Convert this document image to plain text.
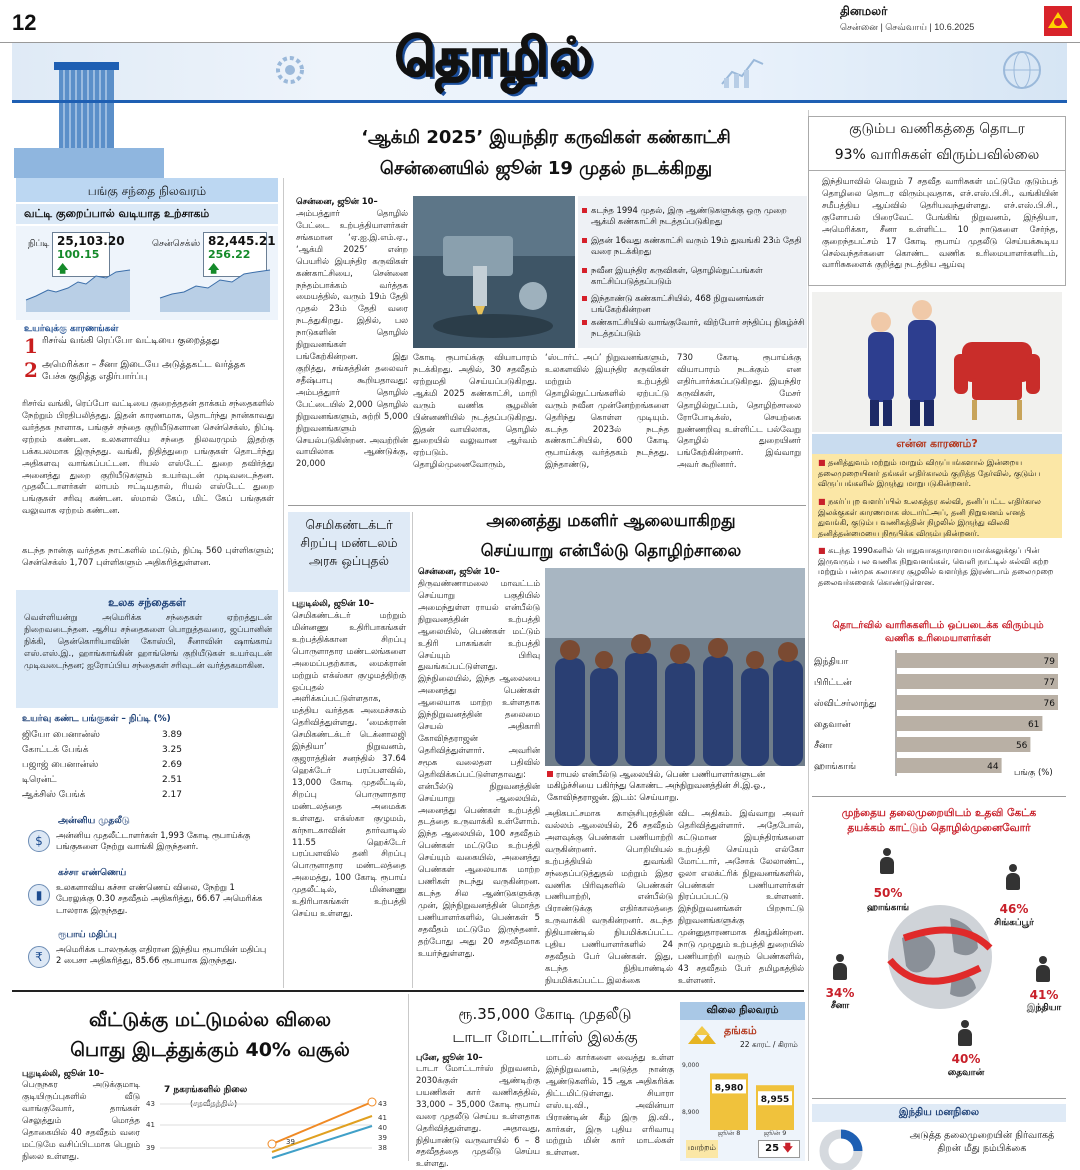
12	தினமலர்
சென்னை | செவ்வாய் | 10.6.2025
தொழில்
பங்கு சந்தை நிலவரம்
வட்டி குறைப்பால் வடியாத உற்சாகம்
நிப்டி 25,103.20
100.15 🡅
சென்செக்ஸ் 82,445.21
256.22 🡅
உயர்வுக்கு காரணங்கள்
1 ரிசர்வ் வங்கி ரெப்போ வட்டியை குறைத்தது
2 அமெரிக்கா – சீனா இடையே அடுத்தகட்ட வர்த்தக பேச்சு குறித்த எதிர்பார்ப்பு
ரிசர்வ் வங்கி, ரெப்போ வட்டியை குறைத்ததன் தாக்கம் சந்தைகளில் நேற்றும் பிரதிபலித்தது. இதன் காரணமாக, தொடர்ந்து நான்காவது வர்த்தக நாளாக, பங்குச் சந்தை குறியீடுகளான சென்செக்ஸ், நிப்டி ஏற்றம் கண்டன. உலகளாவிய சந்தை நிலவரமும் இதற்கு பக்கபலமாக இருந்தது. வங்கி, நிதித்துறை பங்குகள் தொடர்ந்து அதிகளவு வாங்கப்பட்டன. ரியல் எஸ்டேட் துறை தவிர்த்து அனைத்து துறை குறியீடுகளும் உயர்வுடன் முடிவடைந்தன. முதலீட்டாளர்கள் லாபம் ஈட்டியதால், ரியல் எஸ்டேட் துறை பங்குகள் சரிவு கண்டன. ஸ்மால் கேப், மிட் கேப் பங்குகள் வலுவாக ஏற்றம் கண்டன.
கடந்த நான்கு வர்த்தக நாட்களில் மட்டும், நிப்டி 560 புள்ளிகளும்; சென்செக்ஸ் 1,707 புள்ளிகளும் அதிகரித்துள்ளன.
உலக சந்தைகள்
வெள்ளியன்று அமெரிக்க சந்தைகள் ஏற்றத்துடன் நிறைவடைந்தன. ஆசிய சந்தைகளை பொறுத்தவரை, ஜப்பானின் நிக்கி, தென்கொரியாவின் கோஸ்பி, சீனாவின் ஷாங்காய் எஸ்.எஸ்.இ., ஹாங்காங்கின் ஹாங்செங் குறியீடுகள் உயர்வுடன் முடிவடைந்தன; ஐரோப்பிய சந்தைகள் சரிவுடன் வர்த்தகமாகின.
உயர்வு கண்ட பங்குகள் – நிப்டி (%)
ஜியோ பைனான்ஸ்	3.89
கோட்டக் பேங்க்	3.25
பஜாஜ் பைனான்ஸ்	2.69
டிரென்ட்	2.51
ஆக்சிஸ் பேங்க்	2.17
அன்னிய முதலீடு
$	அன்னிய முதலீட்டாளர்கள் 1,993 கோடி ரூபாய்க்கு பங்குகளை நேற்று வாங்கி இருந்தனர்.
கச்சா எண்ணெய்
▮
உலகளாவிய கச்சா எண்ணெய் விலை, நேற்று 1 பேரலுக்கு 0.30 சதவீதம் அதிகரித்து, 66.67 அமெரிக்க டாலராக இருந்தது.
ரூபாய் மதிப்பு
₹
அமெரிக்க டாலருக்கு எதிரான இந்திய ரூபாயின் மதிப்பு 2 பைசா அதிகரித்து, 85.66 ரூபாயாக இருந்தது.
‘ஆக்மி 2025’ இயந்திர கருவிகள் கண்காட்சி
சென்னையில் ஜூன் 19 முதல் நடக்கிறது
சென்னை, ஜூன் 10–
அம்பத்துார் தொழில் பேட்டை உற்பத்தியாளர்கள் சங்கமான ‘ஏ.ஐ.இ.எம்.ஏ., ‘ஆக்மி 2025’ என்ற பெயரில் இயந்திர கருவிகள் கண்காட்சியை, சென்னை நந்தம்பாக்கம் வர்த்தக மையத்தில், வரும் 19ம் தேதி முதல் 23ம் தேதி வரை நடத்துகிறது. இதில், பல நாடுகளின் தொழில் நிறுவனங்கள் பங்கேற்கின்றன. இது குறித்து, சங்கத்தின் தலைவர் சதீஷ்பாபு கூறியதாவது: அம்பத்துார் தொழில் பேட்டையில் 2,000 தொழில் நிறுவனங்களும், சுற்றி 5,000 நிறுவனங்களும் செயல்படுகின்றன. அவற்றின் வாயிலாக ஆண்டுக்கு, 20,000
கடந்த 1994 முதல், இரு ஆண்டுகளுக்கு ஒரு முறை ஆக்மி கண்காட்சி நடத்தப்படுகிறது
இதன் 16வது கண்காட்சி வரும் 19ம் துவங்கி 23ம் தேதி வரை நடக்கிறது
நவீன இயந்திர கருவிகள், தொழில்நுட்பங்கள் காட்சிப்படுத்தப்படும்
இந்தாண்டு கண்காட்சியில், 468 நிறுவனங்கள் பங்கேற்கின்றன
கண்காட்சியில் வாங்குவோர், விற்போர் சந்திப்பு நிகழ்ச்சி நடத்தப்படும்
கோடி ரூபாய்க்கு வியாபாரம் நடக்கிறது. அதில், 30 சதவீதம் ஏற்றுமதி செய்யப்படுகிறது. ஆக்மி 2025 கண்காட்சி, மாறி வரும் வணிக சூழலின் பின்னணியில் நடத்தப்படுகிறது. இதன் வாயிலாக, தொழில் துறையில் வலுவான ஆர்வம் ஏற்படும். தொழில்முனைவோரும்,
‘ஸ்டார்ட் அப்’ நிறுவனங்களும், உலகளவில் இயந்திர கருவிகள் மற்றும் உற்பத்தி தொழில்நுட்பங்களில் ஏற்பட்டு வரும் நவீன முன்னேற்றங்களை தெரிந்து கொள்ள முடியும். கடந்த 2023ல் நடந்த கண்காட்சியில், 600 கோடி ரூபாய்க்கு வர்த்தகம் நடந்தது. இந்தாண்டு,
730 கோடி ரூபாய்க்கு வியாபாரம் நடக்கும் என எதிர்பார்க்கப்படுகிறது. இயந்திர கருவிகள், மேசர் தொழில்நுட்பம், தொழிற்சாலை ரோபோடிக்ஸ், செயற்கை நுண்ணறிவு உள்ளிட்ட பல்வேறு தொழில் துறையினர் பங்கேற்கின்றனர். இவ்வாறு அவர் கூறினார்.
செமிகண்டக்டர் சிறப்பு மண்டலம் அரசு ஒப்புதல்
புதுடில்லி, ஜூன் 10–
செமிகண்டக்டர் மற்றும் மின்னணு உதிரிபாகங்கள் உற்பத்திக்கான சிறப்பு பொருளாதார மண்டலங்களை அமைப்பதற்காக, மைக்ரான் மற்றும் எக்ஸ்கா குழுமத்திற்கு ஒப்புதல் அளிக்கப்பட்டுள்ளதாக, மத்திய வர்த்தக அமைச்சகம் தெரிவித்துள்ளது. ‘மைக்ரான் செமிகண்டக்டர் டெக்னாலஜி இந்தியா’ நிறுவனம், குஜராத்தின் சனந்தில் 37.64 ஹெக்டேர் பரப்பளவில், 13,000 கோடி முதலீட்டில், சிறப்பு பொருளாதார மண்டலத்தை அமைக்க உள்ளது. எக்ஸ்கா குழுமம், கர்நாடகாவின் தார்வாடில் 11.55 ஹெக்டேர் பரப்பளவில் தனி சிறப்பு பொருளாதார மண்டலத்தை அமைத்து, 100 கோடி ரூபாய் முதலீட்டில், மின்னணு உதிரிபாகங்கள் உற்பத்தி செய்ய உள்ளது.
அனைத்து மகளிர் ஆலையாகிறது
செய்யாறு என்பீல்டு தொழிற்சாலை
சென்னை, ஜூன் 10–
திருவண்ணாமலை மாவட்டம் செய்யாறு பகுதியில் அமைந்துள்ள ராயல் என்பீல்டு நிறுவனத்தின் உற்பத்தி ஆலையில், பெண்கள் மட்டும் உதிரி பாகங்கள் உற்பத்தி செய்யும் பிரிவு துவங்கப்பட்டுள்ளது. இந்நிலையில், இந்த ஆலையை அனைத்து பெண்கள் ஆலையாக மாற்ற உள்ளதாக இந்நிறுவனத்தின் தலைமை செயல் அதிகாரி கோவிந்தராஜன் தெரிவித்துள்ளார். அவரின் சமூக வலைதள பதிவில் தெரிவிக்கப்பட்டுள்ளதாவது: என்பீல்டு நிறுவனத்தின் செய்யாறு ஆலையில், அனைத்து பெண்கள் உற்பத்தி தடத்தை உருவாக்கி உள்ளோம். இந்த ஆலையில், 100 சதவீதம் பெண்கள் மட்டுமே உற்பத்தி செய்யும் வகையில், அனைத்து பெண்கள் ஆலையாக மாற்ற பணிகள் நடந்து வருகின்றன. கடந்த சில ஆண்டுகளுக்கு முன், இந்நிறுவனத்தின் மொத்த பணியாளர்களில், பெண்கள் 5 சதவீதம் மட்டுமே இருந்தனர். தற்போது அது 20 சதவீதமாக உயர்ந்துள்ளது.
ராயல் என்பீல்டு ஆலையில், பெண் பணியாளர்களுடன் மகிழ்ச்சியை பகிர்ந்து கொண்ட அந்நிறுவனத்தின் சி.இ.ஓ., கோவிந்தராஜன். இடம்: செய்யாறு.
அதிகபட்சமாக காஞ்சிபுரத்தின் வல்லம் ஆலையில், 26 சதவீதம் அளவுக்கு பெண்கள் பணியாற்றி வருகின்றனர். பொறியியல் உற்பத்தியில் துவங்கி சந்தைப்படுத்துதல் மற்றும் இதர வணிக பிரிவுகளில் பெண்கள் பணியாற்றி, என்பீல்டு பிராண்டுக்கு எதிர்காலத்தை உருவாக்கி வருகின்றனர். கடந்த நிதியாண்டில் நியமிக்கப்பட்ட புதிய பணியாளர்களில் 24 சதவீதம் பேர் பெண்கள். இது, கடந்த நிதியாண்டில் நியமிக்கப்பட்ட இலக்கை
விட அதிகம். இவ்வாறு அவர் தெரிவித்துள்ளார். அதேபோல், கட்டுமான இயந்திரங்களை உற்பத்தி செய்யும் எல்கோ மோட்டார், அசோக் லேலாண்ட், ஓலா எலக்ட்ரிக் நிறுவனங்களில், பெண்கள் பணியாளர்கள் நிரப்பப்பட்டு உள்ளனர். இந்நிறுவனங்கள் பிறநாட்டு நிறுவனங்களுக்கு முன்னுதாரணமாக திகழ்கின்றன. நாடு முழுதும் உற்பத்தி துறையில் பணியாற்றி வரும் பெண்களில், 43 சதவீதம் பேர் தமிழகத்தில் உள்ளனர்.
குடும்ப வணிகத்தை தொடர
93% வாரிசுகள் விரும்பவில்லை
இந்தியாவில் வெறும் 7 சதவீத வாரிசுகள் மட்டுமே குடும்பத் தொழிலை தொடர விரும்புவதாக, எச்.எஸ்.பி.சி., வங்கியின் சமீபத்திய ஆய்வில் தெரியவந்துள்ளது. எச்.எஸ்.பி.சி., குளோபல் பிரைவேட் பேங்கிங் நிறுவனம், இந்தியா, அமெரிக்கா, சீனா உள்ளிட்ட 10 நாடுகளை சேர்ந்த, குறைந்தபட்சம் 17 கோடி ரூபாய் முதலீடு செய்யக்கூடிய செல்வந்தர்களை கொண்ட வணிக உரிமையாளர்களிடம், வாரிசுகளைக் குறித்து நடத்திய ஆய்வு
என்ன காரணம்?
■ தனித்துவம் மற்றும் மாறும் விருப்பங்களால் இன்றைய தலைமுறையினர் தங்கள் எதிர்காலம் குறித்த தேர்வில், குடும்ப விருப்பங்களில் இருந்து மாறுபடுகின்றனர்.
■ நகர்ப்புற வளர்ப்பில் உலகத்தர கல்வி, தனிப்பட்ட எதிர்கால இலக்குகள் காரணமாக ஸ்டார்ட்அப், தனி நிறுவனம் எனத் துவங்கி, குடும்ப வணிகத்தின் நிழலில் இருந்து விலகி தனித்தன்மையை நிரூபிக்க விரும்புகின்றனர்.
■ கடந்த 1990களில் பொதுவாகதாராளமயமாக்கலுக்குப் பின் இருவரும் பல வணிக நிறுவனங்கள், வெளி நாட்டில் கல்வி கற்ற மற்றும் பன்முக கலாசார சூழலில் வளர்ந்த இரண்டாம் தலைமுறை தலைவர்களைக் கொண்டுள்ளன.
தொடர்வில் வாரிசுகளிடம் ஒப்படைக்க விரும்பும் வணிக உரிமையாளர்கள்
இந்தியா	79
பிரிட்டன்	77
ஸ்விட்சர்லாந்து	76
தைவான்	61
சீனா	56
ஹாங்காங்	44
பங்கு (%)
முந்தைய தலைமுறையிடம் உதவி கேட்க
தயக்கம் காட்டும் தொழில்முனைவோர்
50%
ஹாங்காங்	46%
சிங்கப்பூர்
34%
சீனா
41%
இந்தியா
40%
தைவான்
இந்திய மனநிலை
அடுத்த தலைமுறையின் நிர்வாகத் திறன் மீது நம்பிக்கை
வீட்டுக்கு மட்டுமல்ல விலை
பொது இடத்துக்கும் 40% வசூல்
புதுடில்லி, ஜூன் 10–
பெருநகர அடுக்குமாடி குடியிருப்புகளில் வீடு வாங்குவோர், தாங்கள் செலுத்தும் மொத்த தொகையில் 40 சதவீதம் வரை மட்டுமே வசிப்பிடமாக பெறும் நிலை உள்ளது.
7 நகரங்களில் நிலை
(சதவீதத்தில்)
43
41
39
39
43
41
40
39
38
ரூ.35,000 கோடி முதலீடு
டாடா மோட்டார்ஸ் இலக்கு
புனே, ஜூன் 10–
டாடா மோட்டார்ஸ் நிறுவனம், 2030க்குள் ஆண்டிற்கு பயணிகள் கார் வணிகத்தில், 33,000 – 35,000 கோடி ரூபாய் வரை முதலீடு செய்ய உள்ளதாக தெரிவித்துள்ளது. அதாவது, நிதியாண்டு வருவாயில் 6 – 8 சதவீதத்தை முதலீடு செய்ய உள்ளது.
மாடல் கார்களை வைத்து உள்ள இந்நிறுவனம், அடுத்த நான்கு ஆண்டுகளில், 15 ஆக அதிகரிக்க திட்டமிட்டுள்ளது. சியாரா எஸ்.யு.வி., அவின்யா பிராண்டின் கீழ் இரு இ.வி., கார்கள், இரு புதிய எரிவாயு மற்றும் மின் கார் மாடல்கள் உள்ளன.
விலை நிலவரம்
தங்கம்
22 காரட் / கிராம்
9,000
8,900
8,980
ஜூன் 8
8,955
ஜூன் 9
மாற்றம்	25 🡇
